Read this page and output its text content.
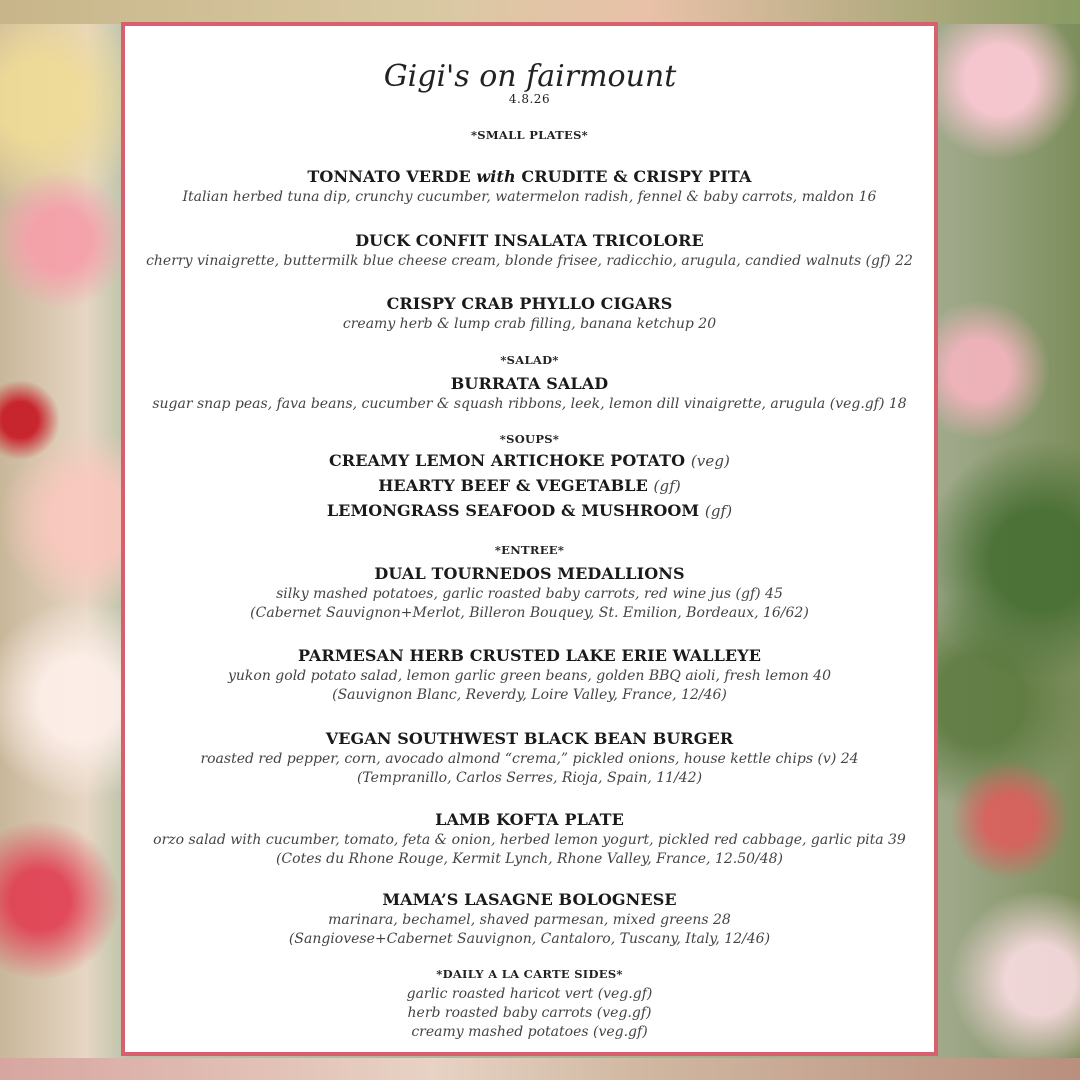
Gigi's on fairmount
4.8.26
*SMALL PLATES*
TONNATO VERDE with CRUDITE & CRISPY PITA
Italian herbed tuna dip, crunchy cucumber, watermelon radish, fennel & baby carrots, maldon 16
DUCK CONFIT INSALATA TRICOLORE
cherry vinaigrette, buttermilk blue cheese cream, blonde frisee, radicchio, arugula, candied walnuts (gf) 22
CRISPY CRAB PHYLLO CIGARS
creamy herb & lump crab filling, banana ketchup 20
*SALAD*
BURRATA SALAD
sugar snap peas, fava beans, cucumber & squash ribbons, leek, lemon dill vinaigrette, arugula (veg.gf) 18
*SOUPS*
CREAMY LEMON ARTICHOKE POTATO (veg)
HEARTY BEEF & VEGETABLE (gf)
LEMONGRASS SEAFOOD & MUSHROOM (gf)
*ENTREE*
DUAL TOURNEDOS MEDALLIONS
silky mashed potatoes, garlic roasted baby carrots, red wine jus (gf) 45
(Cabernet Sauvignon+Merlot, Billeron Bouquey, St. Emilion, Bordeaux, 16/62)
PARMESAN HERB CRUSTED LAKE ERIE WALLEYE
yukon gold potato salad, lemon garlic green beans, golden BBQ aioli, fresh lemon 40
(Sauvignon Blanc, Reverdy, Loire Valley, France, 12/46)
VEGAN SOUTHWEST BLACK BEAN BURGER
roasted red pepper, corn, avocado almond “crema,” pickled onions, house kettle chips (v) 24
(Tempranillo, Carlos Serres, Rioja, Spain, 11/42)
LAMB KOFTA PLATE
orzo salad with cucumber, tomato, feta & onion, herbed lemon yogurt, pickled red cabbage, garlic pita 39
(Cotes du Rhone Rouge, Kermit Lynch, Rhone Valley, France, 12.50/48)
MAMA’S LASAGNE BOLOGNESE
marinara, bechamel, shaved parmesan, mixed greens 28
(Sangiovese+Cabernet Sauvignon, Cantaloro, Tuscany, Italy, 12/46)
*DAILY A LA CARTE SIDES*
garlic roasted haricot vert (veg.gf)
herb roasted baby carrots (veg.gf)
creamy mashed potatoes (veg.gf)
